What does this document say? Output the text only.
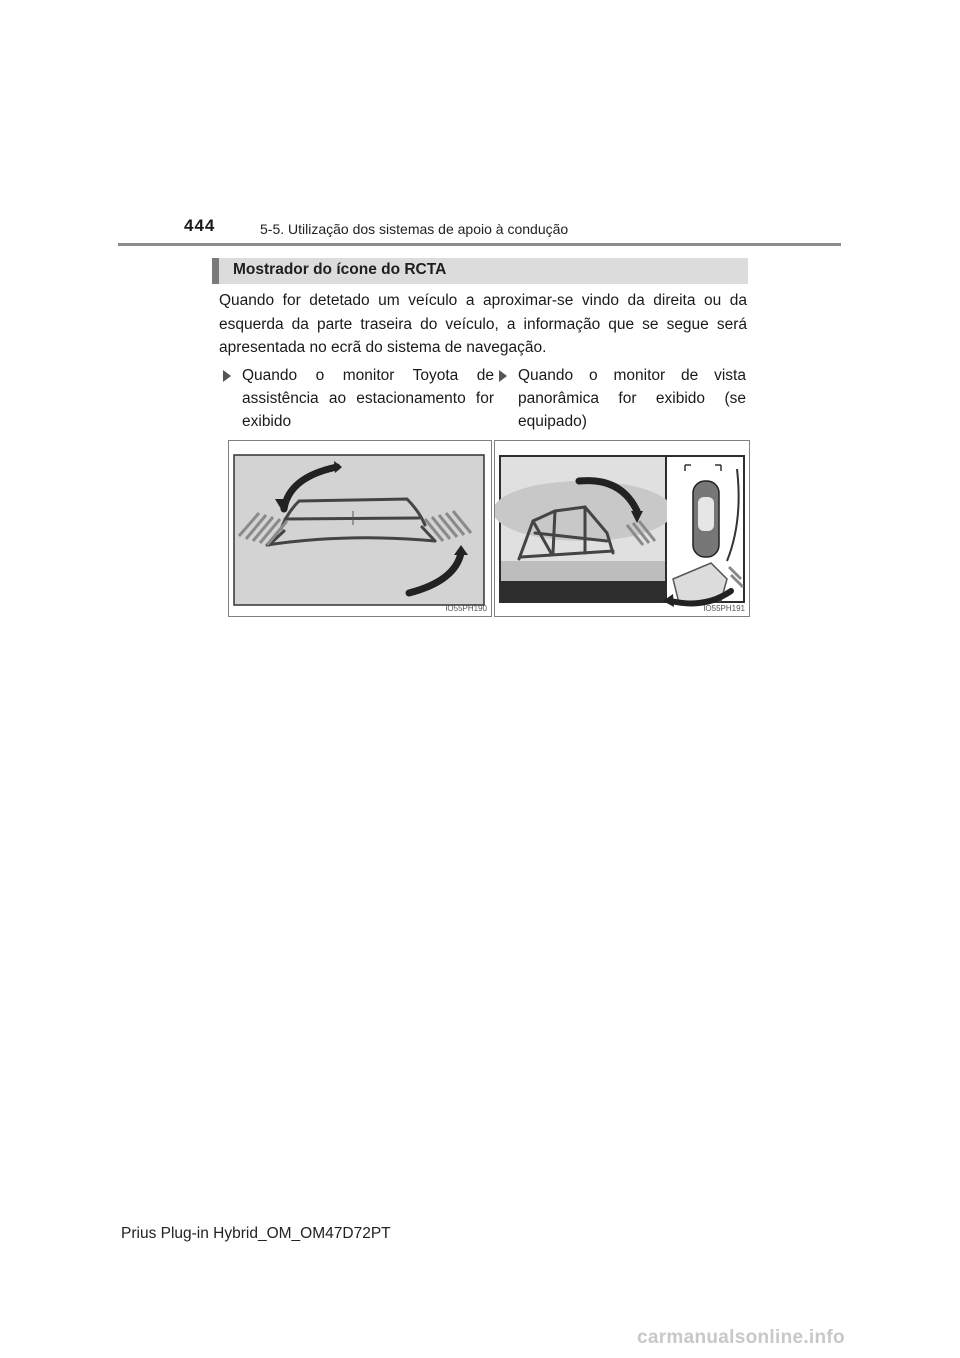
444	5-5. Utilização dos sistemas de apoio à condução
Mostrador do ícone do RCTA

Quando for detetado um veículo a aproximar-se vindo da direita ou da esquerda da parte traseira do veículo, a informação que se segue será apresentada no ecrã do sistema de navegação.

Quando o monitor Toyota de assistência ao estacionamento for exibido
Quando o monitor de vista panorâmica for exibido (se equipado)
IO55PH190	IO55PH191
Prius Plug-in Hybrid_OM_OM47D72PT
carmanualsonline.info
